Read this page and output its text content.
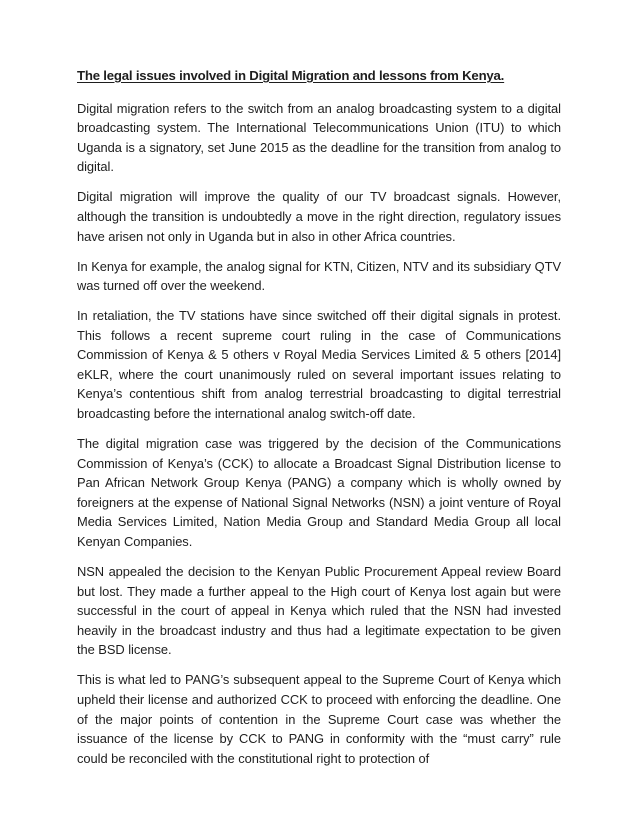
The legal issues involved in Digital Migration and lessons from Kenya.

Digital migration refers to the switch from an analog broadcasting system to a digital broadcasting system. The International Telecommunications Union (ITU) to which Uganda is a signatory, set June 2015 as the deadline for the transition from analog to digital.

Digital migration will improve the quality of our TV broadcast signals. However, although the transition is undoubtedly a move in the right direction, regulatory issues have arisen not only in Uganda but in also in other Africa countries.

In Kenya for example, the analog signal for KTN, Citizen, NTV and its subsidiary QTV was turned off over the weekend.

In retaliation, the TV stations have since switched off their digital signals in protest. This follows a recent supreme court ruling in the case of Communications Commission of Kenya & 5 others v Royal Media Services Limited & 5 others [2014] eKLR, where the court unanimously ruled on several important issues relating to Kenya’s contentious shift from analog terrestrial broadcasting to digital terrestrial broadcasting before the international analog switch-off date.

The digital migration case was triggered by the decision of the Communications Commission of Kenya’s (CCK) to allocate a Broadcast Signal Distribution license to Pan African Network Group Kenya (PANG) a company which is wholly owned by foreigners at the expense of National Signal Networks (NSN) a joint venture of Royal Media Services Limited, Nation Media Group and Standard Media Group all local Kenyan Companies.

NSN appealed the decision to the Kenyan Public Procurement Appeal review Board but lost. They made a further appeal to the High court of Kenya lost again but were successful in the court of appeal in Kenya which ruled that the NSN had invested heavily in the broadcast industry and thus had a legitimate expectation to be given the BSD license.

This is what led to PANG’s subsequent appeal to the Supreme Court of Kenya which upheld their license and authorized CCK to proceed with enforcing the deadline. One of the major points of contention in the Supreme Court case was whether the issuance of the license by CCK to PANG in conformity with the “must carry” rule could be reconciled with the constitutional right to protection of
